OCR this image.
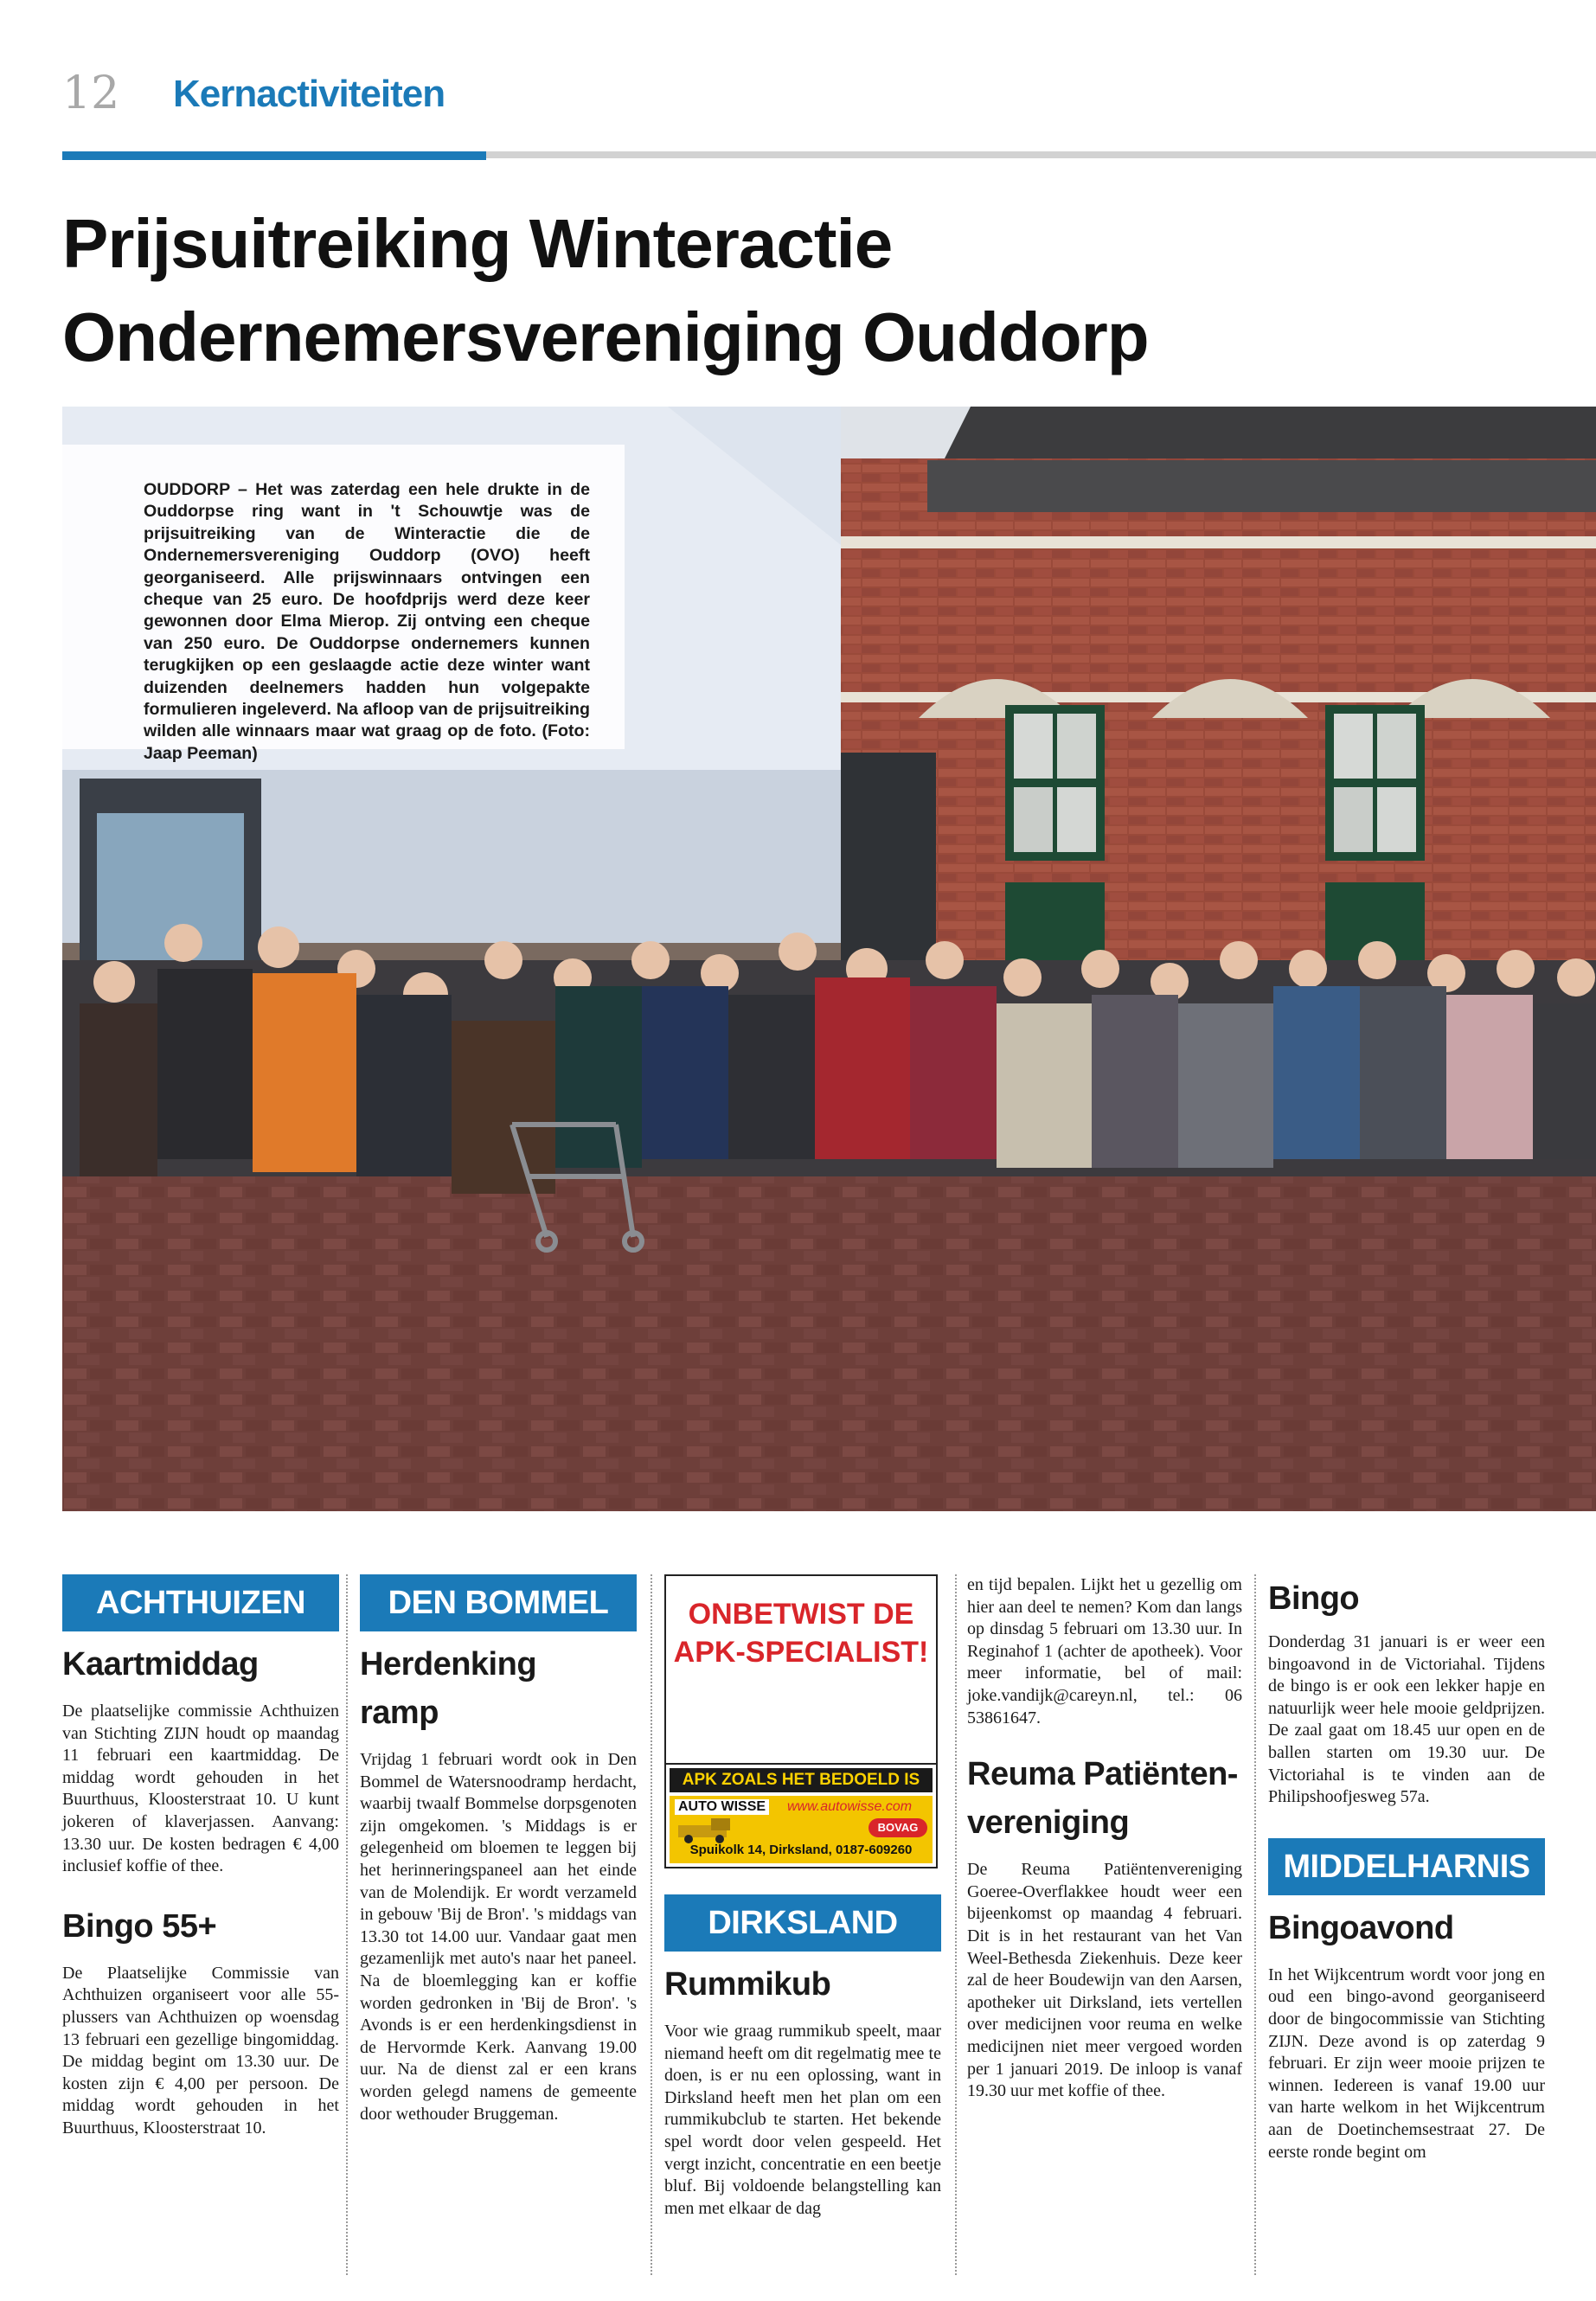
12 Kernactiviteiten
Prijsuitreiking Winteractie
Ondernemersvereniging Ouddorp

OUDDORP – Het was zaterdag een hele drukte in de Ouddorpse ring want in 't Schouwtje was de prijsuitreiking van de Winteractie die de Ondernemersvereniging Ouddorp (OVO) heeft georganiseerd. Alle prijswinnaars ontvingen een cheque van 25 euro. De hoofdprijs werd deze keer gewonnen door Elma Mierop. Zij ontving een cheque van 250 euro. De Ouddorpse ondernemers kunnen terugkijken op een geslaagde actie deze winter want duizenden deelnemers hadden hun volgepakte formulieren ingeleverd. Na afloop van de prijsuitreiking wilden alle winnaars maar wat graag op de foto. (Foto: Jaap Peeman)

ACHTHUIZEN
Kaartmiddag

De plaatselijke commissie Achthuizen van Stichting ZIJN houdt op maandag 11 februari een kaartmiddag. De middag wordt gehouden in het Buurthuus, Kloosterstraat 10. U kunt jokeren of klaverjassen. Aanvang: 13.30 uur. De kosten bedragen € 4,00 inclusief koffie of thee.

Bingo 55+

De Plaatselijke Commissie van Achthuizen organiseert voor alle 55-plussers van Achthuizen op woensdag 13 februari een gezellige bingomiddag. De middag begint om 13.30 uur. De kosten zijn € 4,00 per persoon. De middag wordt gehouden in het Buurthuus, Kloosterstraat 10.

DEN BOMMEL
Herdenking
ramp

Vrijdag 1 februari wordt ook in Den Bommel de Watersnoodramp herdacht, waarbij twaalf Bommelse dorpsgenoten zijn omgekomen. 's Middags is er gelegenheid om bloemen te leggen bij het herinneringspaneel aan het einde van de Molendijk. Er wordt verzameld in gebouw 'Bij de Bron'. 's middags van 13.30 tot 14.00 uur. Vandaar gaat men gezamenlijk met auto's naar het paneel. Na de bloemlegging kan er koffie worden gedronken in 'Bij de Bron'. 's Avonds is er een herdenkingsdienst in de Hervormde Kerk. Aanvang 19.00 uur. Na de dienst zal er een krans worden gelegd namens de gemeente door wethouder Bruggeman.

ONBETWIST DE
APK-SPECIALIST!
APK ZOALS HET BEDOELD IS
AUTO WISSE www.autowisse.com
BOVAG
Spuikolk 14, Dirksland, 0187-609260
DIRKSLAND
Rummikub

Voor wie graag rummikub speelt, maar niemand heeft om dit regelmatig mee te doen, is er nu een oplossing, want in Dirksland heeft men het plan om een rummikubclub te starten. Het bekende spel wordt door velen gespeeld. Het vergt inzicht, concentratie en een beetje bluf. Bij voldoende belangstelling kan men met elkaar de dag

en tijd bepalen. Lijkt het u gezellig om hier aan deel te nemen? Kom dan langs op dinsdag 5 februari om 13.30 uur. In Reginahof 1 (achter de apotheek). Voor meer informatie, bel of mail: joke.vandijk@careyn.nl, tel.: 06 53861647.

Reuma Patiënten-
vereniging

De Reuma Patiëntenvereniging Goeree-Overflakkee houdt weer een bijeenkomst op maandag 4 februari. Dit is in het restaurant van het Van Weel-Bethesda Ziekenhuis. Deze keer zal de heer Boudewijn van den Aarsen, apotheker uit Dirksland, iets vertellen over medicijnen voor reuma en welke medicijnen niet meer vergoed worden per 1 januari 2019. De inloop is vanaf 19.30 uur met koffie of thee.

Bingo

Donderdag 31 januari is er weer een bingoavond in de Victoriahal. Tijdens de bingo is er ook een lekker hapje en natuurlijk weer hele mooie geldprijzen. De zaal gaat om 18.45 uur open en de ballen starten om 19.30 uur. De Victoriahal is te vinden aan de Philipshoofjesweg 57a.

MIDDELHARNIS
Bingoavond

In het Wijkcentrum wordt voor jong en oud een bingo-avond georganiseerd door de bingocommissie van Stichting ZIJN. Deze avond is op zaterdag 9 februari. Er zijn weer mooie prijzen te winnen. Iedereen is vanaf 19.00 uur van harte welkom in het Wijkcentrum aan de Doetinchemsestraat 27. De eerste ronde begint om
